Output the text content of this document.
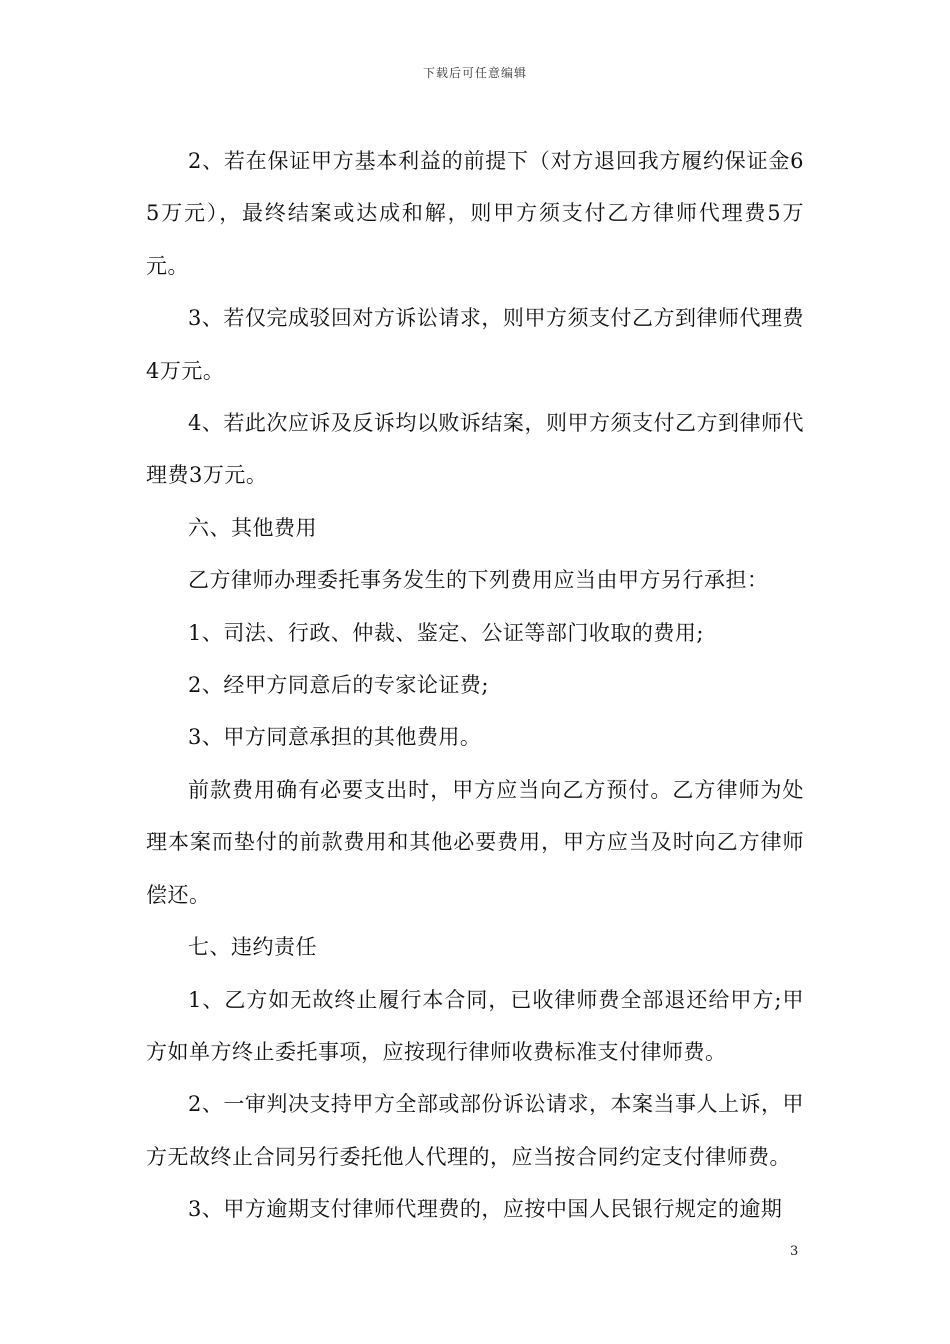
下载后可任意编辑

2、若在保证甲方基本利益的前提下（对方退回我方履约保证金65万元），最终结案或达成和解，则甲方须支付乙方律师代理费5万元。

3、若仅完成驳回对方诉讼请求，则甲方须支付乙方到律师代理费4万元。

4、若此次应诉及反诉均以败诉结案，则甲方须支付乙方到律师代理费3万元。

六、其他费用

乙方律师办理委托事务发生的下列费用应当由甲方另行承担：

1、司法、行政、仲裁、鉴定、公证等部门收取的费用;

2、经甲方同意后的专家论证费;

3、甲方同意承担的其他费用。

前款费用确有必要支出时，甲方应当向乙方预付。乙方律师为处理本案而垫付的前款费用和其他必要费用，甲方应当及时向乙方律师偿还。

七、违约责任

1、乙方如无故终止履行本合同，已收律师费全部退还给甲方;甲方如单方终止委托事项，应按现行律师收费标准支付律师费。

2、一审判决支持甲方全部或部份诉讼请求，本案当事人上诉，甲方无故终止合同另行委托他人代理的，应当按合同约定支付律师费。

3、甲方逾期支付律师代理费的，应按中国人民银行规定的逾期

3
